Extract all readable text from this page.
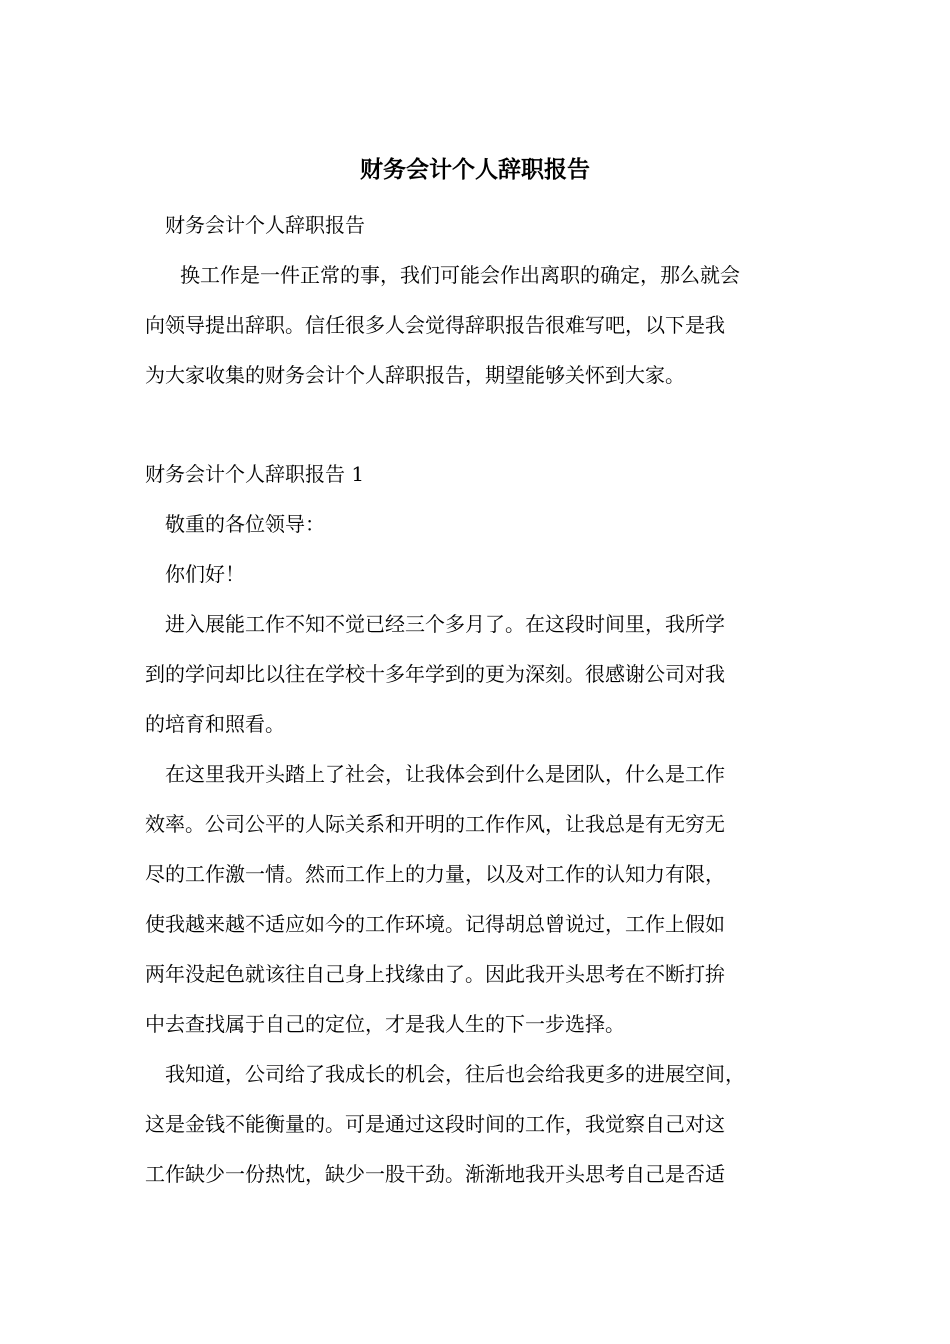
财务会计个人辞职报告
财务会计个人辞职报告
换工作是一件正常的事，我们可能会作出离职的确定，那么就会
向领导提出辞职。信任很多人会觉得辞职报告很难写吧，以下是我
为大家收集的财务会计个人辞职报告，期望能够关怀到大家。
财务会计个人辞职报告 1
敬重的各位领导：
你们好！
进入展能工作不知不觉已经三个多月了。在这段时间里，我所学
到的学问却比以往在学校十多年学到的更为深刻。很感谢公司对我
的培育和照看。
在这里我开头踏上了社会，让我体会到什么是团队，什么是工作
效率。公司公平的人际关系和开明的工作作风，让我总是有无穷无
尽的工作激一情。然而工作上的力量，以及对工作的认知力有限，
使我越来越不适应如今的工作环境。记得胡总曾说过，工作上假如
两年没起色就该往自己身上找缘由了。因此我开头思考在不断打拚
中去查找属于自己的定位，才是我人生的下一步选择。
我知道，公司给了我成长的机会，往后也会给我更多的进展空间，
这是金钱不能衡量的。可是通过这段时间的工作，我觉察自己对这
工作缺少一份热忱，缺少一股干劲。渐渐地我开头思考自己是否适
